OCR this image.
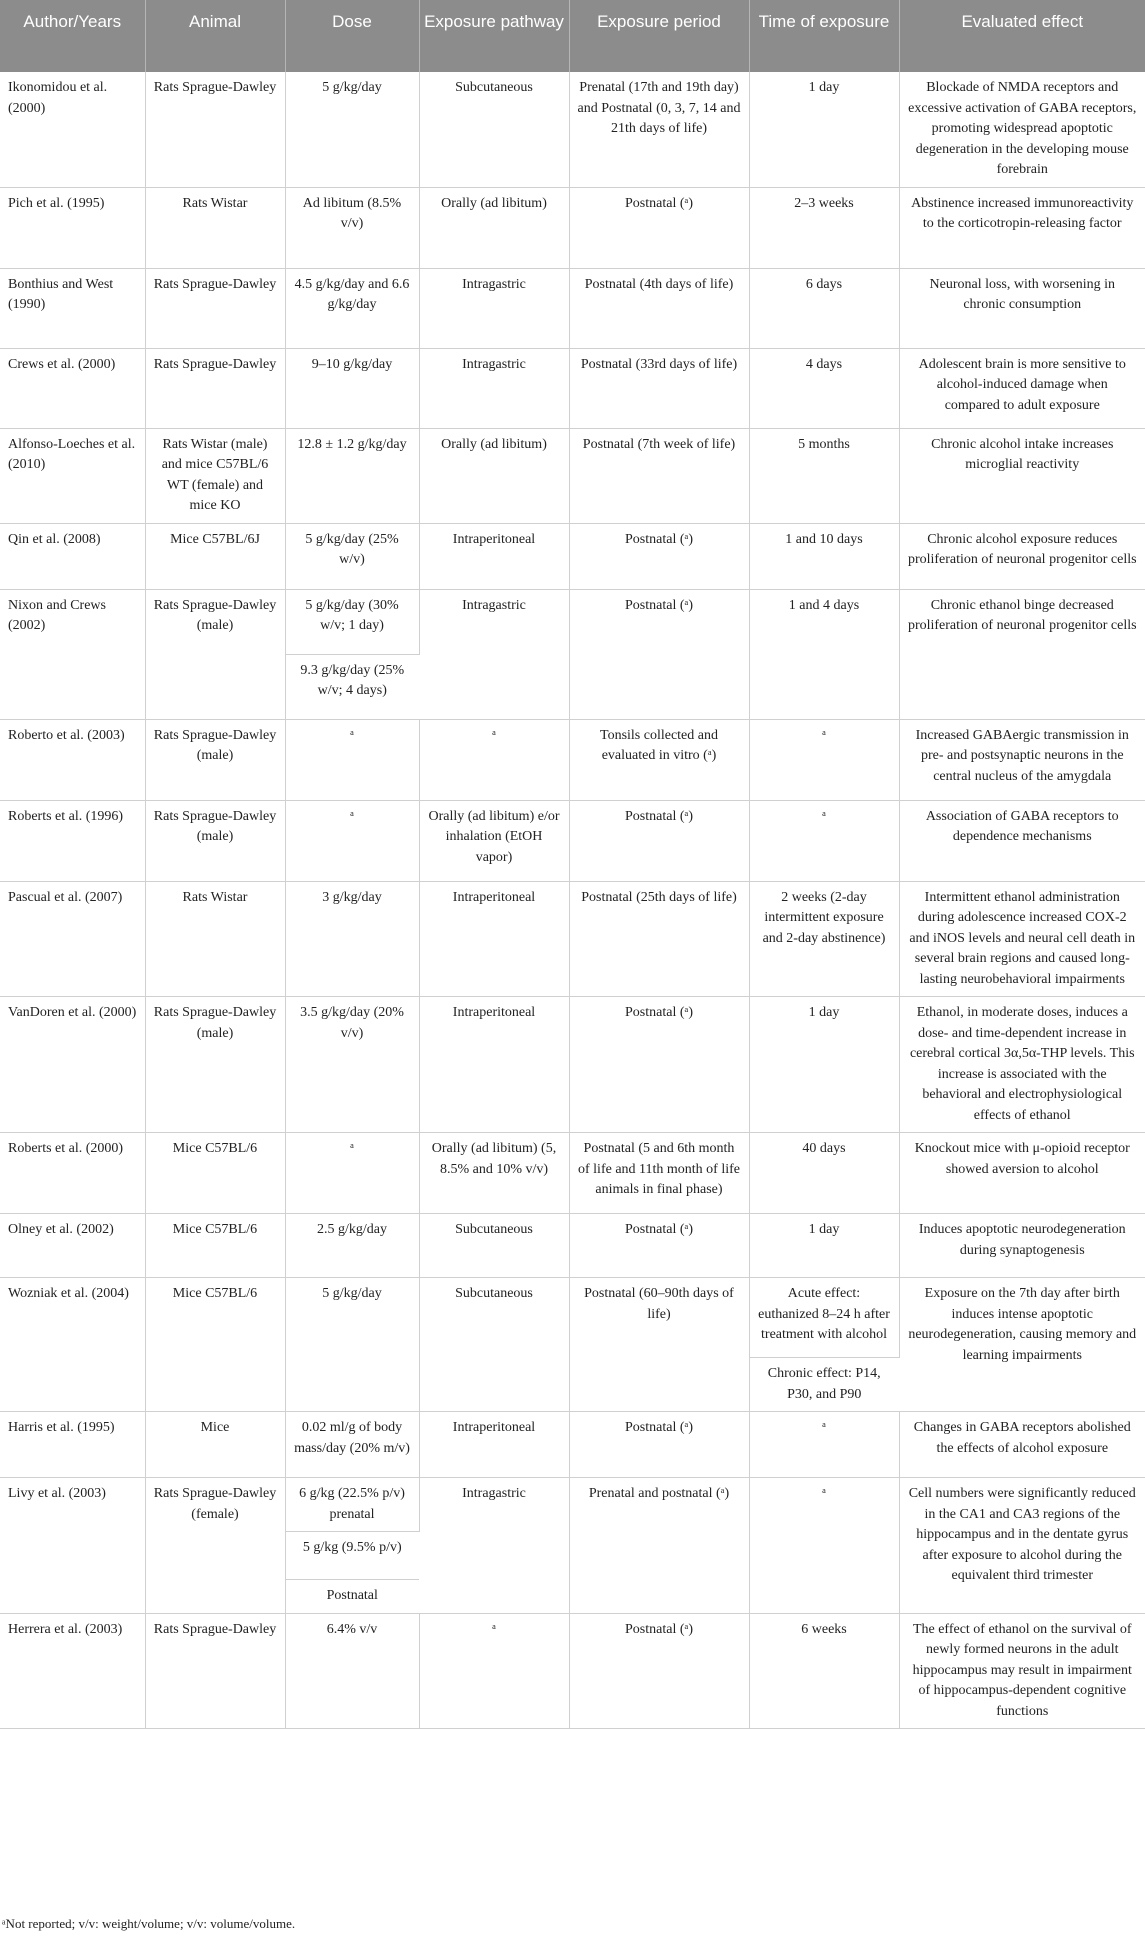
Author/Years	Animal	Dose	Exposure pathway	Exposure period	Time of exposure	Evaluated effect
Ikonomidou et al. (2000)	Rats Sprague-Dawley	5 g/kg/day	Subcutaneous	Prenatal (17th and 19th day) and Postnatal (0, 3, 7, 14 and 21th days of life)	1 day	Blockade of NMDA receptors and excessive activation of GABA receptors, promoting widespread apoptotic degeneration in the developing mouse forebrain
Pich et al. (1995)	Rats Wistar	Ad libitum (8.5% v/v)	Orally (ad libitum)	Postnatal (ᵃ)	2–3 weeks	Abstinence increased immunoreactivity to the corticotropin-releasing factor
Bonthius and West (1990)	Rats Sprague-Dawley	4.5 g/kg/day and 6.6 g/kg/day	Intragastric	Postnatal (4th days of life)	6 days	Neuronal loss, with worsening in chronic consumption
Crews et al. (2000)	Rats Sprague-Dawley	9–10 g/kg/day	Intragastric	Postnatal (33rd days of life)	4 days	Adolescent brain is more sensitive to alcohol-induced damage when compared to adult exposure
Alfonso-Loeches et al. (2010)	Rats Wistar (male) and mice C57BL/6 WT (female) and mice KO	12.8 ± 1.2 g/kg/day	Orally (ad libitum)	Postnatal (7th week of life)	5 months	Chronic alcohol intake increases microglial reactivity
Qin et al. (2008)	Mice C57BL/6J	5 g/kg/day (25% w/v)	Intraperitoneal	Postnatal (ᵃ)	1 and 10 days	Chronic alcohol exposure reduces proliferation of neuronal progenitor cells
Nixon and Crews (2002)	Rats Sprague-Dawley (male)	5 g/kg/day (30% w/v; 1 day)	Intragastric	Postnatal (ᵃ)	1 and 4 days	Chronic ethanol binge decreased proliferation of neuronal progenitor cells
		9.3 g/kg/day (25% w/v; 4 days)				
Roberto et al. (2003)	Rats Sprague-Dawley (male)	ᵃ	ᵃ	Tonsils collected and evaluated in vitro (ᵃ)	ᵃ	Increased GABAergic transmission in pre- and postsynaptic neurons in the central nucleus of the amygdala
Roberts et al. (1996)	Rats Sprague-Dawley (male)	ᵃ	Orally (ad libitum) e/or inhalation (EtOH vapor)	Postnatal (ᵃ)	ᵃ	Association of GABA receptors to dependence mechanisms
Pascual et al. (2007)	Rats Wistar	3 g/kg/day	Intraperitoneal	Postnatal (25th days of life)	2 weeks (2-day intermittent exposure and 2-day abstinence)	Intermittent ethanol administration during adolescence increased COX-2 and iNOS levels and neural cell death in several brain regions and caused long-lasting neurobehavioral impairments
VanDoren et al. (2000)	Rats Sprague-Dawley (male)	3.5 g/kg/day (20% v/v)	Intraperitoneal	Postnatal (ᵃ)	1 day	Ethanol, in moderate doses, induces a dose- and time-dependent increase in cerebral cortical 3α,5α-THP levels. This increase is associated with the behavioral and electrophysiological effects of ethanol
Roberts et al. (2000)	Mice C57BL/6	ᵃ	Orally (ad libitum) (5, 8.5% and 10% v/v)	Postnatal (5 and 6th month of life and 11th month of life animals in final phase)	40 days	Knockout mice with μ-opioid receptor showed aversion to alcohol
Olney et al. (2002)	Mice C57BL/6	2.5 g/kg/day	Subcutaneous	Postnatal (ᵃ)	1 day	Induces apoptotic neurodegeneration during synaptogenesis
Wozniak et al. (2004)	Mice C57BL/6	5 g/kg/day	Subcutaneous	Postnatal (60–90th days of life)	Acute effect: euthanized 8–24 h after treatment with alcohol	Exposure on the 7th day after birth induces intense apoptotic neurodegeneration, causing memory and learning impairments
					Chronic effect: P14, P30, and P90	
Harris et al. (1995)	Mice	0.02 ml/g of body mass/day (20% m/v)	Intraperitoneal	Postnatal (ᵃ)	ᵃ	Changes in GABA receptors abolished the effects of alcohol exposure
Livy et al. (2003)	Rats Sprague-Dawley (female)	6 g/kg (22.5% p/v) prenatal	Intragastric	Prenatal and postnatal (ᵃ)	ᵃ	Cell numbers were significantly reduced in the CA1 and CA3 regions of the hippocampus and in the dentate gyrus after exposure to alcohol during the equivalent third trimester
		5 g/kg (9.5% p/v)				
		Postnatal				
Herrera et al. (2003)	Rats Sprague-Dawley	6.4% v/v	ᵃ	Postnatal (ᵃ)	6 weeks	The effect of ethanol on the survival of newly formed neurons in the adult hippocampus may result in impairment of hippocampus-dependent cognitive functions
ᵃNot reported; v/v: weight/volume; v/v: volume/volume.
